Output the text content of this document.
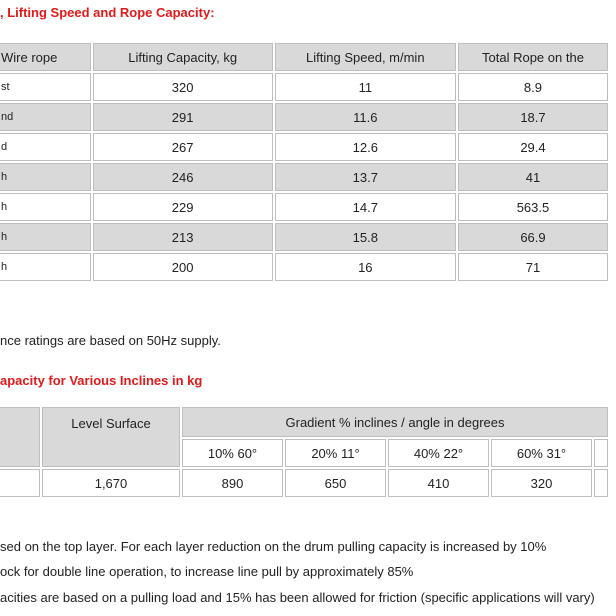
, Lifting Speed and Rope Capacity:
Wire rope	Lifting Capacity, kg	Lifting Speed, m/min	Total Rope on the
st	320	11	8.9
nd	291	11.6	18.7
d	267	12.6	29.4
h	246	13.7	41
h	229	14.7	563.5
h	213	15.8	66.9
h	200	16	71
nce ratings are based on 50Hz supply.
apacity for Various Inclines in kg
	Level Surface	Gradient % inclines / angle in degrees				
		10% 60°	20% 11°	40% 22°	60% 31°	
	1,670	890	650	410	320	
sed on the top layer. For each layer reduction on the drum pulling capacity is increased by 10%
ock for double line operation, to increase line pull by approximately 85%
acities are based on a pulling load and 15% has been allowed for friction (specific applications will vary)
